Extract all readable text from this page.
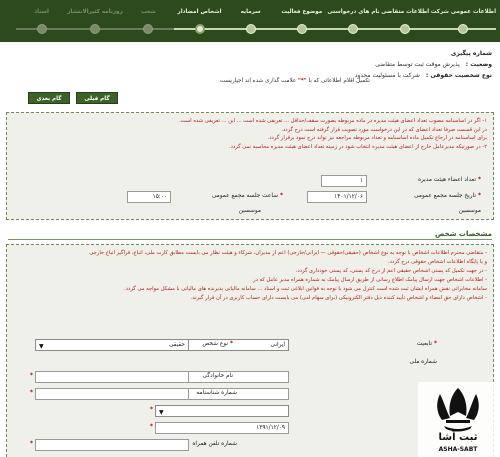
اطلاعات عمومی شرکت
اطلاعات متقاضی
نام های درخواستی
موضوع فعالیت
سرمایه
اشخاص امضادار
شعب
روزنامه کثیرالانتشار
اسناد
شماره پیگیری
وضعیت :
پذیرش موقت ثبت توسط متقاضی
نوع شخصیت حقوقی :
شرکت با مسئولیت محدود
تکمیل اقلام اطلاعاتی که با "*" علامت گذاری شده اند اجباریست
گام قبلی
گام بعدی

۱- اگر در اساسنامه مصوب تعداد اعضای هیئت مدیره در ماده مربوطه بصورت سقف/حداقل ... تعریفی شده است ... این ... تعریفی شده است.

در این قسمت صرفا تعداد اعضای که در این درخواست مورد تصویب قرار گرفته است درج گردد.

برای اساسنامه در ارجاع تکمیل ماده اساسنامه و تعداد مربوطه مراجعه نیز تواند درج نمود برقرار گردد.

۲- در صورتیکه مدیرعامل خارج از اعضای هیئت مدیره انتخاب شود در زمینه تعداد اعضای هیئت مدیره محاسبه نمی گردد.

*تعداد اعضاء هیئت مدیره
۱
*تاریخ جلسه مجمع عمومی
۱۴۰۱/۱۲/۰۶
*ساعت جلسه مجمع عمومی
۱۵:۰۰
موسسین
موسسین
مشخصات شخص

- متقاضی محترم اطلاعات اشخاص با توجه به نوع اشخاص (حقیقی/حقوقی — ایرانی/خارجی) اعم از مدیران، شرکاء و هیئت نظار می بایست مطابق کارت ملی، اتباع، فراگیر اتباع خارجی

و یا پایگاه اطلاعات اشخاص حقوقی درج گردد.

- در جهت تکمیل کد پستی اشخاص حقیقی اعم از درج کد پستی، کد پستی خودداری گردد.

- اطلاعات اشخاص جهت ارسال پیامک اطلاع رسانی از طریق ارسال پیامک به شماره همراه مدیر عامل که در

سامانه مخابراتی نقش همراه ایشان ثبت شده است کنترل می شود با توجه به قوانین ابلاغی ثبت و اسناد ... سامانه مالیاتی پذیرنده های مالیاتی با مشکل مواجه می گردد.

- اشخاص دارای حق امضاء و اشخاص تأیید کننده ذیل دفتر الکترونیکی (برای سهام امی) می بایست دارای حساب کاربری در آن قرار گیرند.

*تابعیت
ایرانی
*نوع شخص
حقیقی
▼
شماره ملی
نام خانوادگی
*
شماره شناسنامه
*
▼
*
۱۳۹۱/۱۲/۰۹
*
شماره تلفن همراه
*
ثبت آشا
ASHA-SABT
